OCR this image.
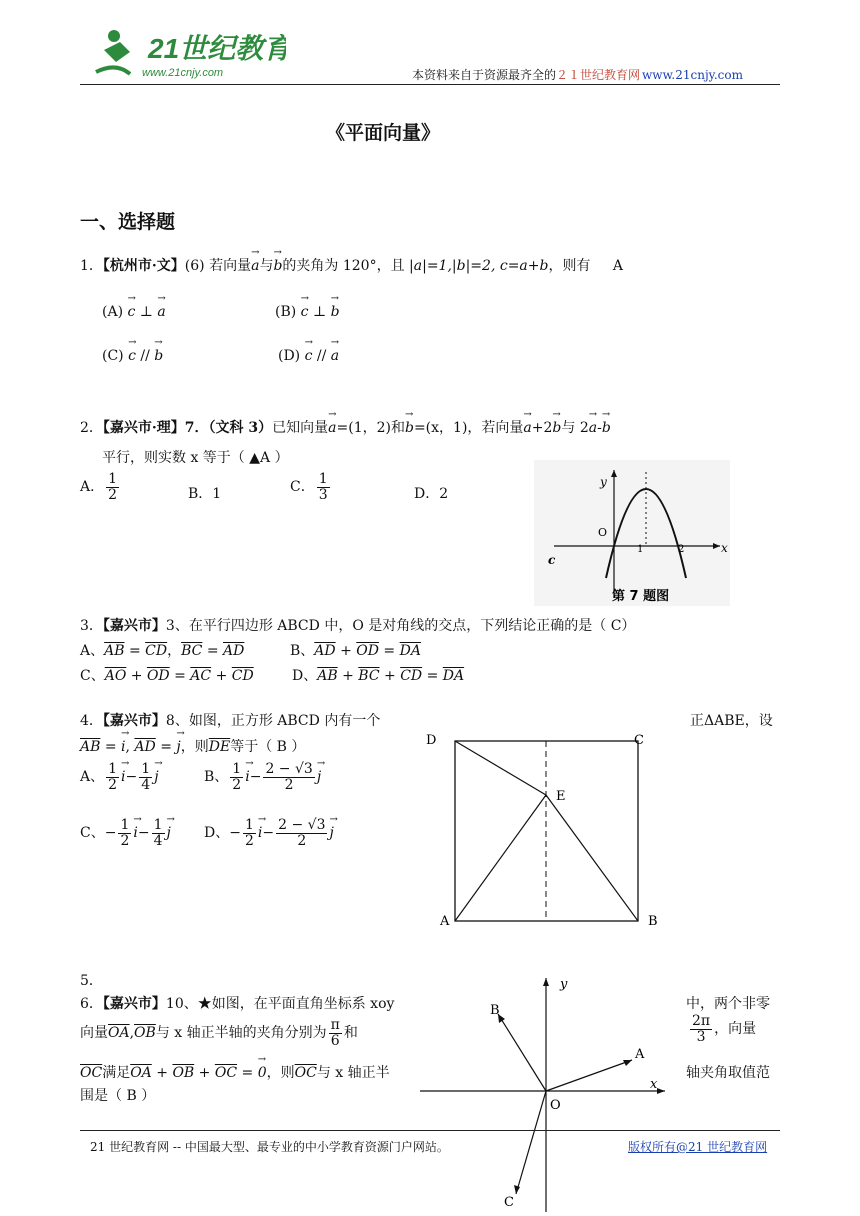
21世纪教育
www.21cnjy.com	本资料来自于资源最齐全的２１世纪教育网 www.21cnjy.com
《平面向量》
一、选择题
1．【杭州市·文】(6) 若向量→ a与→ b的夹角为 120°，且 |a|=1,|b|=2, c=a+b，则有 A
(A) → c ⊥ → a	(B) → c ⊥ → b
(C) → c // → b	(D) → c // → a
2．【嘉兴市·理】7．（文科 3）已知向量→ a=(1，2)和→ b=(x，1)，若向量→ a+2→ b与 2→ a-→ b
平行，则实数 x 等于（ ▲A ）
A． $\frac{1}{2}$	B．1	C． $\frac{1}{3}$	D．2
y
x
O
1	2
c
第 7 题图
3．【嘉兴市】3、在平行四边形 ABCD 中，O 是对角线的交点，下列结论正确的是（ C）
A、$\overline{AB} = \overline{CD}$，$\overline{BC} = \overline{AD}$	B、$\overline{AD} + \overline{OD} = \overline{DA}$
C、$\overline{AO} + \overline{OD} = \overline{AC} + \overline{CD}$	D、$\overline{AB} + \overline{BC} + \overline{CD} = \overline{DA}$
4．【嘉兴市】8、如图，正方形 ABCD 内有一个	正ΔABE，设
$\overline{AB}$ = → i, $\overline{AD}$ = → j，则$\overline{DE}$等于（ B ）
A、 $\frac{1}{2} \to i- \frac{1}{4} \to j$	B、 $\frac{1}{2} \to i- \frac{2 - √3}{2} \to j$
C、− $\frac{1}{2} \to i- \frac{1}{4} \to j$ D、− $\frac{1}{2} \to i- \frac{2 - √3}{2} \to j$
D	C
E
A	B
5．
6．【嘉兴市】10、★如图，在平面直角坐标系 xoy	中，两个非零
向量$\overline{OA},\overline{OB}$与 x 轴正半轴的夹角分别为 $\frac{\pi}{6}$ 和	$\frac{2\pi}{3}$ ，向量
$\overline{OC}$满足$\overline{OA} + \overline{OB} + \overline{OC}$ = → 0，则$\overline{OC}$与 x 轴正半	轴夹角取值范
围是（ B ）
y
x
O
A
B
C
21 世纪教育网 -- 中国最大型、最专业的中小学教育资源门户网站。	版权所有@21 世纪教育网
